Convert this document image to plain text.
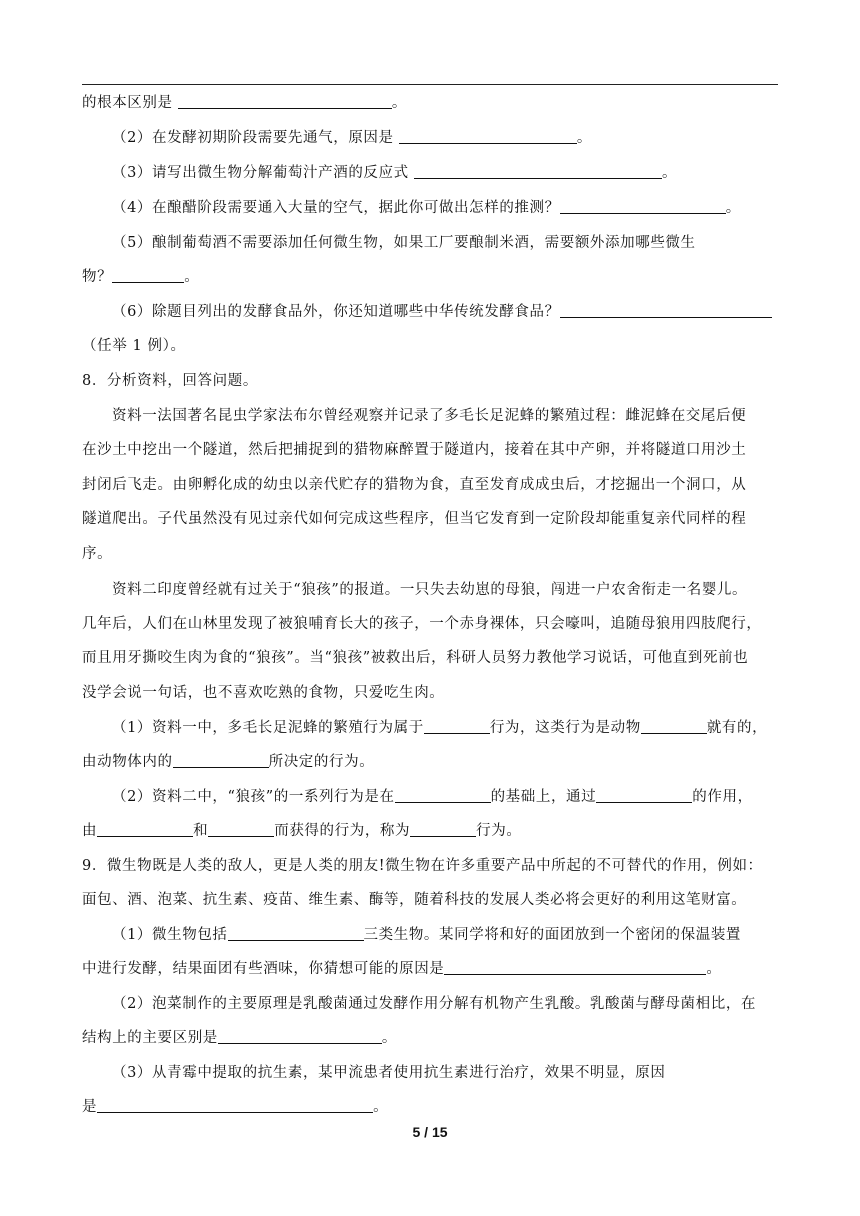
的根本区别是	。
（2）在发酵初期阶段需要先通气，原因是	。
（3）请写出微生物分解葡萄汁产酒的反应式	。
（4）在酿醋阶段需要通入大量的空气，据此你可做出怎样的推测？	。
（5）酿制葡萄酒不需要添加任何微生物，如果工厂要酿制米酒，需要额外添加哪些微生
物？	。
（6）除题目列出的发酵食品外，你还知道哪些中华传统发酵食品？
（任举 1 例）。
8．分析资料，回答问题。
资料一法国著名昆虫学家法布尔曾经观察并记录了多毛长足泥蜂的繁殖过程：雌泥蜂在交尾后便
在沙土中挖出一个隧道，然后把捕捉到的猎物麻醉置于隧道内，接着在其中产卵，并将隧道口用沙土
封闭后飞走。由卵孵化成的幼虫以亲代贮存的猎物为食，直至发育成成虫后，才挖掘出一个洞口，从
隧道爬出。子代虽然没有见过亲代如何完成这些程序，但当它发育到一定阶段却能重复亲代同样的程
序。
资料二印度曾经就有过关于“狼孩”的报道。一只失去幼崽的母狼，闯进一户农舍衔走一名婴儿。
几年后，人们在山林里发现了被狼哺育长大的孩子，一个赤身裸体，只会嚎叫，追随母狼用四肢爬行，
而且用牙撕咬生肉为食的“狼孩”。当“狼孩”被救出后，科研人员努力教他学习说话，可他直到死前也
没学会说一句话，也不喜欢吃熟的食物，只爱吃生肉。
（1）资料一中，多毛长足泥蜂的繁殖行为属于	行为，这类行为是动物	就有的，
由动物体内的	所决定的行为。
（2）资料二中，“狼孩”的一系列行为是在	的基础上，通过	的作用，
由	和	而获得的行为，称为	行为。
9．微生物既是人类的敌人，更是人类的朋友!微生物在许多重要产品中所起的不可替代的作用，例如：
面包、酒、泡菜、抗生素、疫苗、维生素、酶等，随着科技的发展人类必将会更好的利用这笔财富。
（1）微生物包括	三类生物。某同学将和好的面团放到一个密闭的保温装置
中进行发酵，结果面团有些酒味，你猜想可能的原因是	。
（2）泡菜制作的主要原理是乳酸菌通过发酵作用分解有机物产生乳酸。乳酸菌与酵母菌相比，在
结构上的主要区别是	。
（3）从青霉中提取的抗生素，某甲流患者使用抗生素进行治疗，效果不明显，原因
是	。
5 / 15
